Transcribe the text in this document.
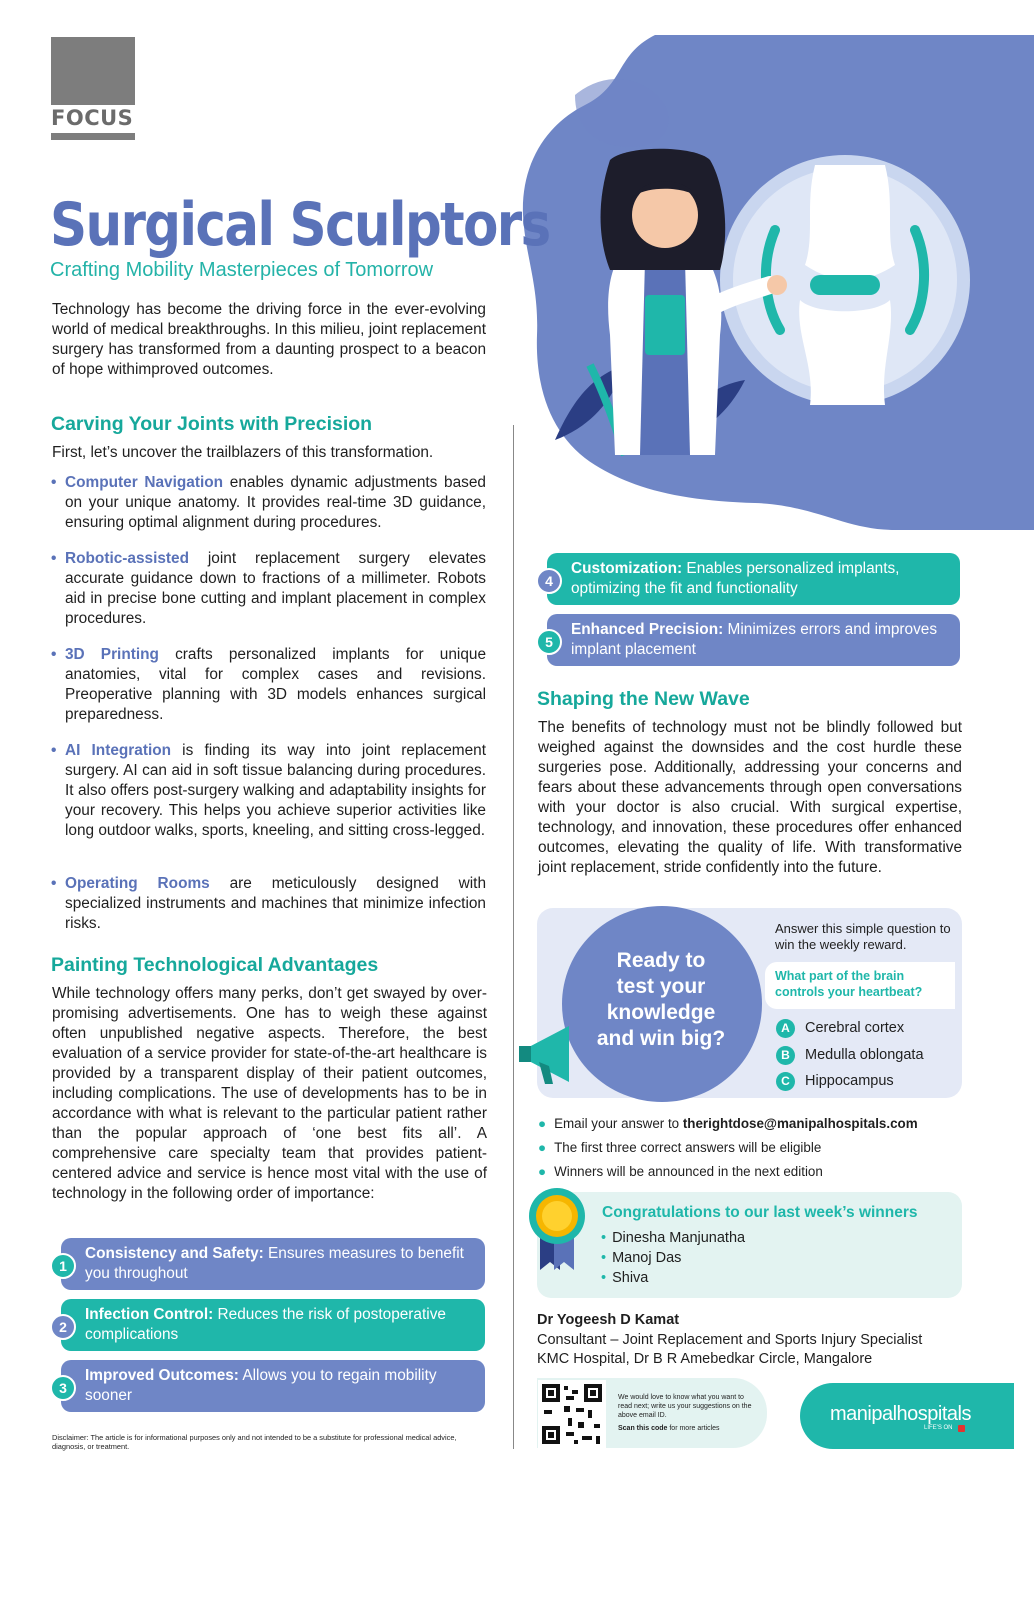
FOCUS
Surgical Sculptors
Crafting Mobility Masterpieces of Tomorrow
Technology has become the driving force in the ever-evolving world of medical breakthroughs. In this milieu, joint replacement surgery has transformed from a daunting prospect to a beacon of hope withimproved outcomes.
Carving Your Joints with Precision
First, let’s uncover the trailblazers of this transformation.
• Computer Navigation enables dynamic adjustments based on your unique anatomy. It provides real-time 3D guidance, ensuring optimal alignment during procedures.
• Robotic-assisted joint replacement surgery elevates accurate guidance down to fractions of a millimeter. Robots aid in precise bone cutting and implant placement in complex procedures.
• 3D Printing crafts personalized implants for unique anatomies, vital for complex cases and revisions. Preoperative planning with 3D models enhances surgical preparedness.
• AI Integration is finding its way into joint replacement surgery. AI can aid in soft tissue balancing during procedures. It also offers post-surgery walking and adaptability insights for your recovery. This helps you achieve superior activities like long outdoor walks, sports, kneeling, and sitting cross-legged.
• Operating Rooms are meticulously designed with specialized instruments and machines that minimize infection risks.
Painting Technological Advantages
While technology offers many perks, don’t get swayed by over-promising advertisements. One has to weigh these against often unpublished negative aspects. Therefore, the best evaluation of a service provider for state-of-the-art healthcare is provided by a transparent display of their patient outcomes, including complications. The use of developments has to be in accordance with what is relevant to the particular patient rather than the popular approach of ‘one best fits all’. A comprehensive care specialty team that provides patient-centered advice and service is hence most vital with the use of technology in the following order of importance:
1
Consistency and Safety: Ensures measures to benefit you throughout
2
Infection Control: Reduces the risk of postoperative complications
3
Improved Outcomes: Allows you to regain mobility sooner
Disclaimer: The article is for informational purposes only and not intended to be a substitute for professional medical advice, diagnosis, or treatment.
4
Customization: Enables personalized implants, optimizing the fit and functionality
5
Enhanced Precision: Minimizes errors and improves implant placement
Shaping the New Wave
The benefits of technology must not be blindly followed but weighed against the downsides and the cost hurdle these surgeries pose. Additionally, addressing your concerns and fears about these advancements through open conversations with your doctor is also crucial. With surgical expertise, technology, and innovation, these procedures offer enhanced outcomes, elevating the quality of life. With transformative joint replacement, stride confidently into the future.
Ready to test your knowledge and win big?
Answer this simple question to win the weekly reward.
What part of the brain controls your heartbeat?
A Cerebral cortex
B Medulla oblongata
C Hippocampus
● Email your answer to therightdose@manipalhospitals.com
● The first three correct answers will be eligible
● Winners will be announced in the next edition
Congratulations to our last week’s winners
• Dinesha Manjunatha
• Manoj Das
• Shiva
Dr Yogeesh D Kamat
Consultant – Joint Replacement and Sports Injury Specialist
KMC Hospital, Dr B R Amebedkar Circle, Mangalore
We would love to know what you want to read next; write us your suggestions on the above email ID.
Scan this code for more articles
manipalhospitals
LIFE'S ON
